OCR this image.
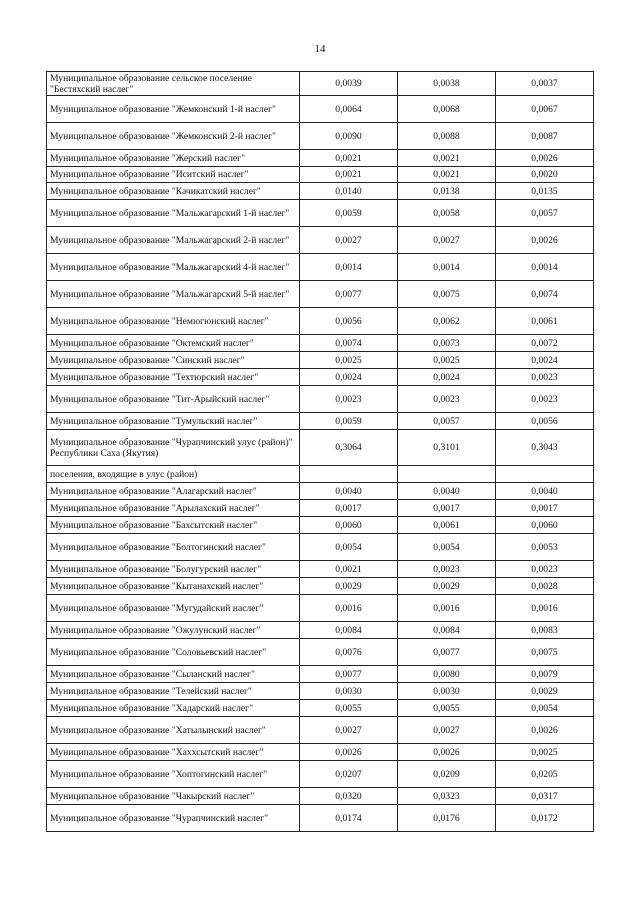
14
Муниципальное образование сельское поселение "Бестяхский наслег"	0,0039	0,0038	0,0037
Муниципальное образование "Жемконский 1-й наслег"	0,0064	0,0068	0,0067
Муниципальное образование "Жемконский 2-й наслег"	0,0090	0,0088	0,0087
Муниципальное образование "Жерский наслег"	0,0021	0,0021	0,0026
Муниципальное образование "Иситский наслег"	0,0021	0,0021	0,0020
Муниципальное образование "Качикатский наслег"	0,0140	0,0138	0,0135
Муниципальное образование "Мальжагарский 1-й наслег"	0,0059	0,0058	0,0057
Муниципальное образование "Мальжагарский 2-й наслег"	0,0027	0,0027	0,0026
Муниципальное образование "Мальжагарский 4-й наслег"	0,0014	0,0014	0,0014
Муниципальное образование "Мальжагарский 5-й наслег"	0,0077	0,0075	0,0074
Муниципальное образование "Немюгюнский наслег"	0,0056	0,0062	0,0061
Муниципальное образование "Октемский наслег"	0,0074	0,0073	0,0072
Муниципальное образование "Синский наслег"	0,0025	0,0025	0,0024
Муниципальное образование "Техтюрский наслег"	0,0024	0,0024	0,0023
Муниципальное образование "Тит-Арыйский наслег"	0,0023	0,0023	0,0023
Муниципальное образование "Тумульский наслег"	0,0059	0,0057	0,0056
Муниципальное образование "Чурапчинский улус (район)" Республики Саха (Якутия)	0,3064	0,3101	0,3043
поселения, входящие в улус (район)			
Муниципальное образование "Алагарский наслег"	0,0040	0,0040	0,0040
Муниципальное образование "Арылахский наслег"	0,0017	0,0017	0,0017
Муниципальное образование "Бахсытский наслег"	0,0060	0,0061	0,0060
Муниципальное образование "Болтогинский наслег"	0,0054	0,0054	0,0053
Муниципальное образование "Болугурский наслег"	0,0021	0,0023	0,0023
Муниципальное образование "Кытанахский наслег"	0,0029	0,0029	0,0028
Муниципальное образование "Мугудайский наслег"	0,0016	0,0016	0,0016
Муниципальное образование "Ожулунский наслег"	0,0084	0,0084	0,0083
Муниципальное образование "Соловьевский наслег"	0,0076	0,0077	0,0075
Муниципальное образование "Сыланский наслег"	0,0077	0,0080	0,0079
Муниципальное образование "Телейский наслег"	0,0030	0,0030	0,0029
Муниципальное образование "Хадарский наслег"	0,0055	0,0055	0,0054
Муниципальное образование "Хатылынский наслег"	0,0027	0,0027	0,0026
Муниципальное образование "Хаххсытский наслег"	0,0026	0,0026	0,0025
Муниципальное образование "Хоптогинский наслег"	0,0207	0,0209	0,0205
Муниципальное образование "Чакырский наслег"	0,0320	0,0323	0,0317
Муниципальное образование "Чурапчинский наслег"	0,0174	0,0176	0,0172
